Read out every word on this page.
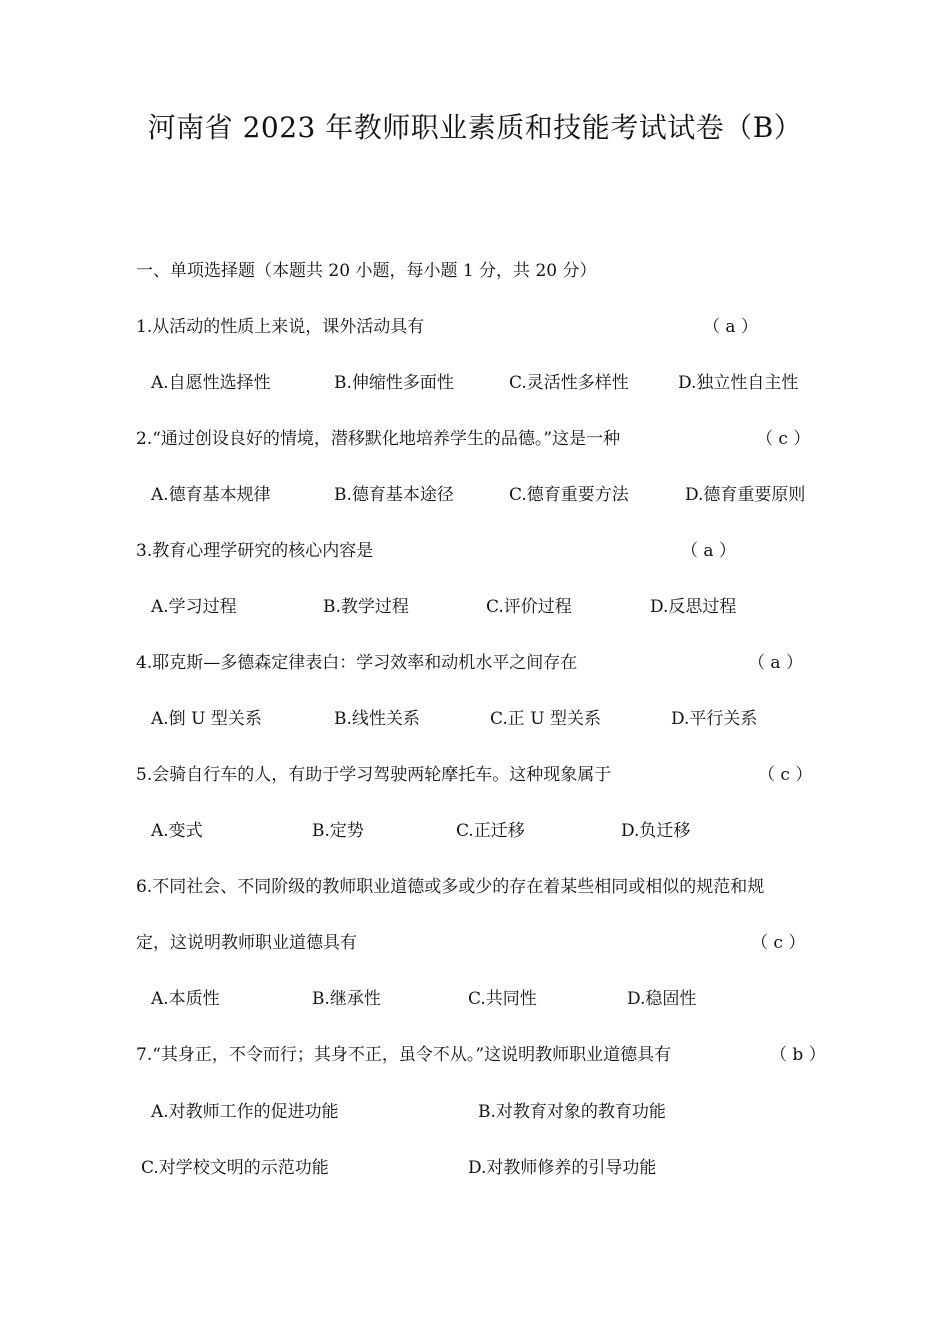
河南省 2023 年教师职业素质和技能考试试卷（B）
一、单项选择题（本题共 20 小题，每小题 1 分，共 20 分）
1.从活动的性质上来说，课外活动具有	（ a ）
A.自愿性选择性	B.伸缩性多面性	C.灵活性多样性	D.独立性自主性
2.“通过创设良好的情境，潜移默化地培养学生的品德。”这是一种	（ c ）
A.德育基本规律	B.德育基本途径	C.德育重要方法	D.德育重要原则
3.教育心理学研究的核心内容是	（ a ）
A.学习过程	B.教学过程	C.评价过程	D.反思过程
4.耶克斯—多德森定律表白：学习效率和动机水平之间存在	（ a ）
A.倒 U 型关系	B.线性关系	C.正 U 型关系	D.平行关系
5.会骑自行车的人，有助于学习驾驶两轮摩托车。这种现象属于	（ c ）
A.变式	B.定势	C.正迁移	D.负迁移
6.不同社会、不同阶级的教师职业道德或多或少的存在着某些相同或相似的规范和规
定，这说明教师职业道德具有	（ c ）
A.本质性	B.继承性	C.共同性	D.稳固性
7.“其身正，不令而行；其身不正，虽令不从。”这说明教师职业道德具有	（ b ）
A.对教师工作的促进功能	B.对教育对象的教育功能
C.对学校文明的示范功能	D.对教师修养的引导功能
